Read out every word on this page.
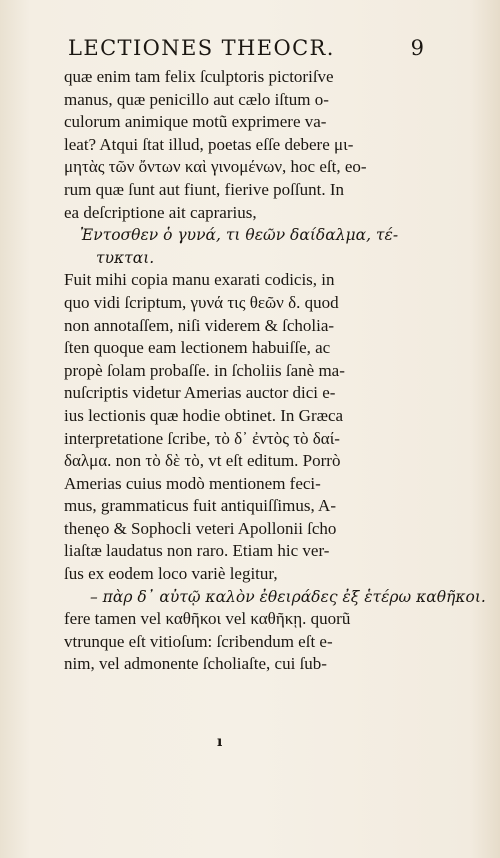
LECTIONES THEOCR.	9
quæ enim tam felix ſculptoris pictoriſve
manus, quæ penicillo aut cælo iſtum o-
culorum animique motũ exprimere va-
leat? Atqui ſtat illud, poetas eſſe debere μι-
μητὰς τῶν ὄντων καὶ γινομένων, hoc eſt, eo-
rum quæ ſunt aut fiunt, fierive poſſunt. In
ea deſcriptione ait caprarius,
Ἐντοσθεν ὁ γυνά, τι θεῶν δαίδαλμα, τέ-
τυκται.
Fuit mihi copia manu exarati codicis, in
quo vidi ſcriptum, γυνά τις θεῶν δ. quod
non annotaſſem, niſi viderem & ſcholia-
ſten quoque eam lectionem habuiſſe, ac
propè ſolam probaſſe. in ſcholiis ſanè ma-
nuſcriptis videtur Amerias auctor dici e-
ius lectionis quæ hodie obtinet. In Græca
interpretatione ſcribe, τὸ δ᾽ ἐντὸς τὸ δαί-
δαλμα. non τὸ δὲ τὸ, vt eſt editum. Porrò
Amerias cuius modò mentionem feci-
mus, grammaticus fuit antiquiſſimus, A-
thenęo & Sophocli veteri Apollonii ſcho
liaſtæ laudatus non raro. Etiam hic ver-
ſus ex eodem loco variè legitur,
– πὰρ δ᾽ αὐτῷ καλὸν ἐθειράδες ἐξ ἑτέρω καθῆκοι.
fere tamen vel καθῆκοι vel καθῆκῃ. quorũ
vtrunque eſt vitioſum: ſcribendum eſt e-
nim, vel admonente ſcholiaſte, cui ſub-
ı
